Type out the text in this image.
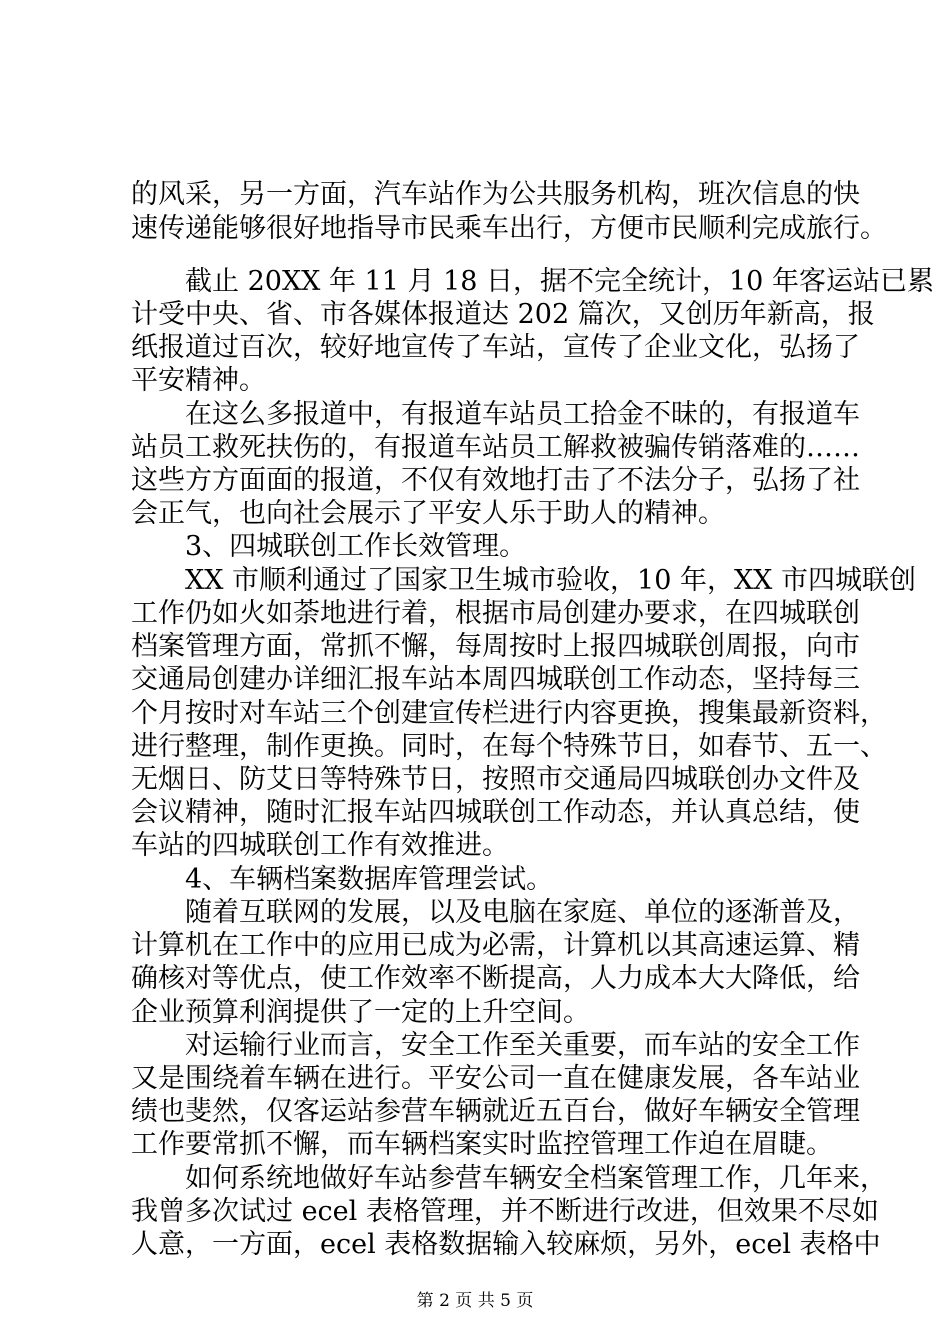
的风采，另一方面，汽车站作为公共服务机构，班次信息的快
速传递能够很好地指导市民乘车出行，方便市民顺利完成旅行。
　　截止 20XX 年 11 月 18 日，据不完全统计，10 年客运站已累
计受中央、省、市各媒体报道达 202 篇次，又创历年新高，报
纸报道过百次，较好地宣传了车站，宣传了企业文化，弘扬了
平安精神。
　　在这么多报道中，有报道车站员工拾金不昧的，有报道车
站员工救死扶伤的，有报道车站员工解救被骗传销落难的……
这些方方面面的报道，不仅有效地打击了不法分子，弘扬了社
会正气，也向社会展示了平安人乐于助人的精神。
　　3、四城联创工作长效管理。
　　XX 市顺利通过了国家卫生城市验收，10 年，XX 市四城联创
工作仍如火如荼地进行着，根据市局创建办要求，在四城联创
档案管理方面，常抓不懈，每周按时上报四城联创周报，向市
交通局创建办详细汇报车站本周四城联创工作动态，坚持每三
个月按时对车站三个创建宣传栏进行内容更换，搜集最新资料，
进行整理，制作更换。同时，在每个特殊节日，如春节、五一、
无烟日、防艾日等特殊节日，按照市交通局四城联创办文件及
会议精神，随时汇报车站四城联创工作动态，并认真总结，使
车站的四城联创工作有效推进。
　　4、车辆档案数据库管理尝试。
　　随着互联网的发展，以及电脑在家庭、单位的逐渐普及，
计算机在工作中的应用已成为必需，计算机以其高速运算、精
确核对等优点，使工作效率不断提高，人力成本大大降低，给
企业预算利润提供了一定的上升空间。
　　对运输行业而言，安全工作至关重要，而车站的安全工作
又是围绕着车辆在进行。平安公司一直在健康发展，各车站业
绩也斐然，仅客运站参营车辆就近五百台，做好车辆安全管理
工作要常抓不懈，而车辆档案实时监控管理工作迫在眉睫。
　　如何系统地做好车站参营车辆安全档案管理工作，几年来，
我曾多次试过 ecel 表格管理，并不断进行改进，但效果不尽如
人意，一方面，ecel 表格数据输入较麻烦，另外，ecel 表格中
第 2 页 共 5 页
